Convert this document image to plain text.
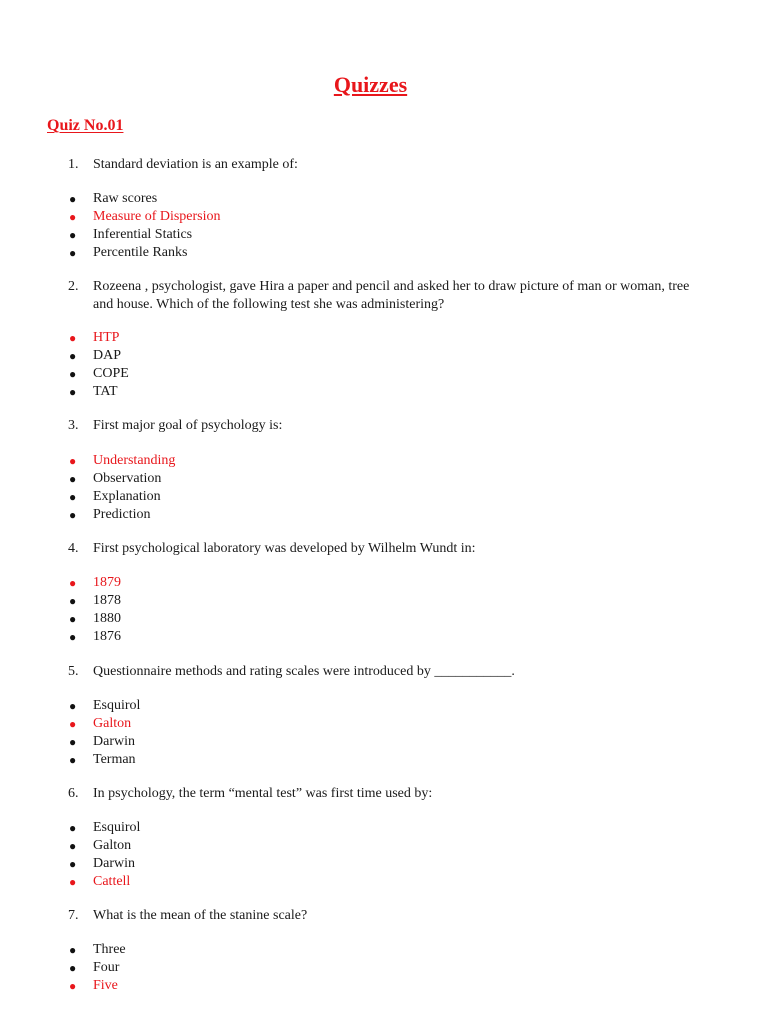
Quizzes
Quiz No.01
1. Standard deviation is an example of:
● Raw scores
● Measure of Dispersion
● Inferential Statics
● Percentile Ranks
2. Rozeena , psychologist, gave Hira a paper and pencil and asked her to draw picture of man or woman, tree and house. Which of the following test she was administering?
● HTP
● DAP
● COPE
● TAT
3. First major goal of psychology is:
● Understanding
● Observation
● Explanation
● Prediction
4. First psychological laboratory was developed by Wilhelm Wundt in:
● 1879
● 1878
● 1880
● 1876
5. Questionnaire methods and rating scales were introduced by ___________.
● Esquirol
● Galton
● Darwin
● Terman
6. In psychology, the term “mental test” was first time used by:
● Esquirol
● Galton
● Darwin
● Cattell
7. What is the mean of the stanine scale?
● Three
● Four
● Five
